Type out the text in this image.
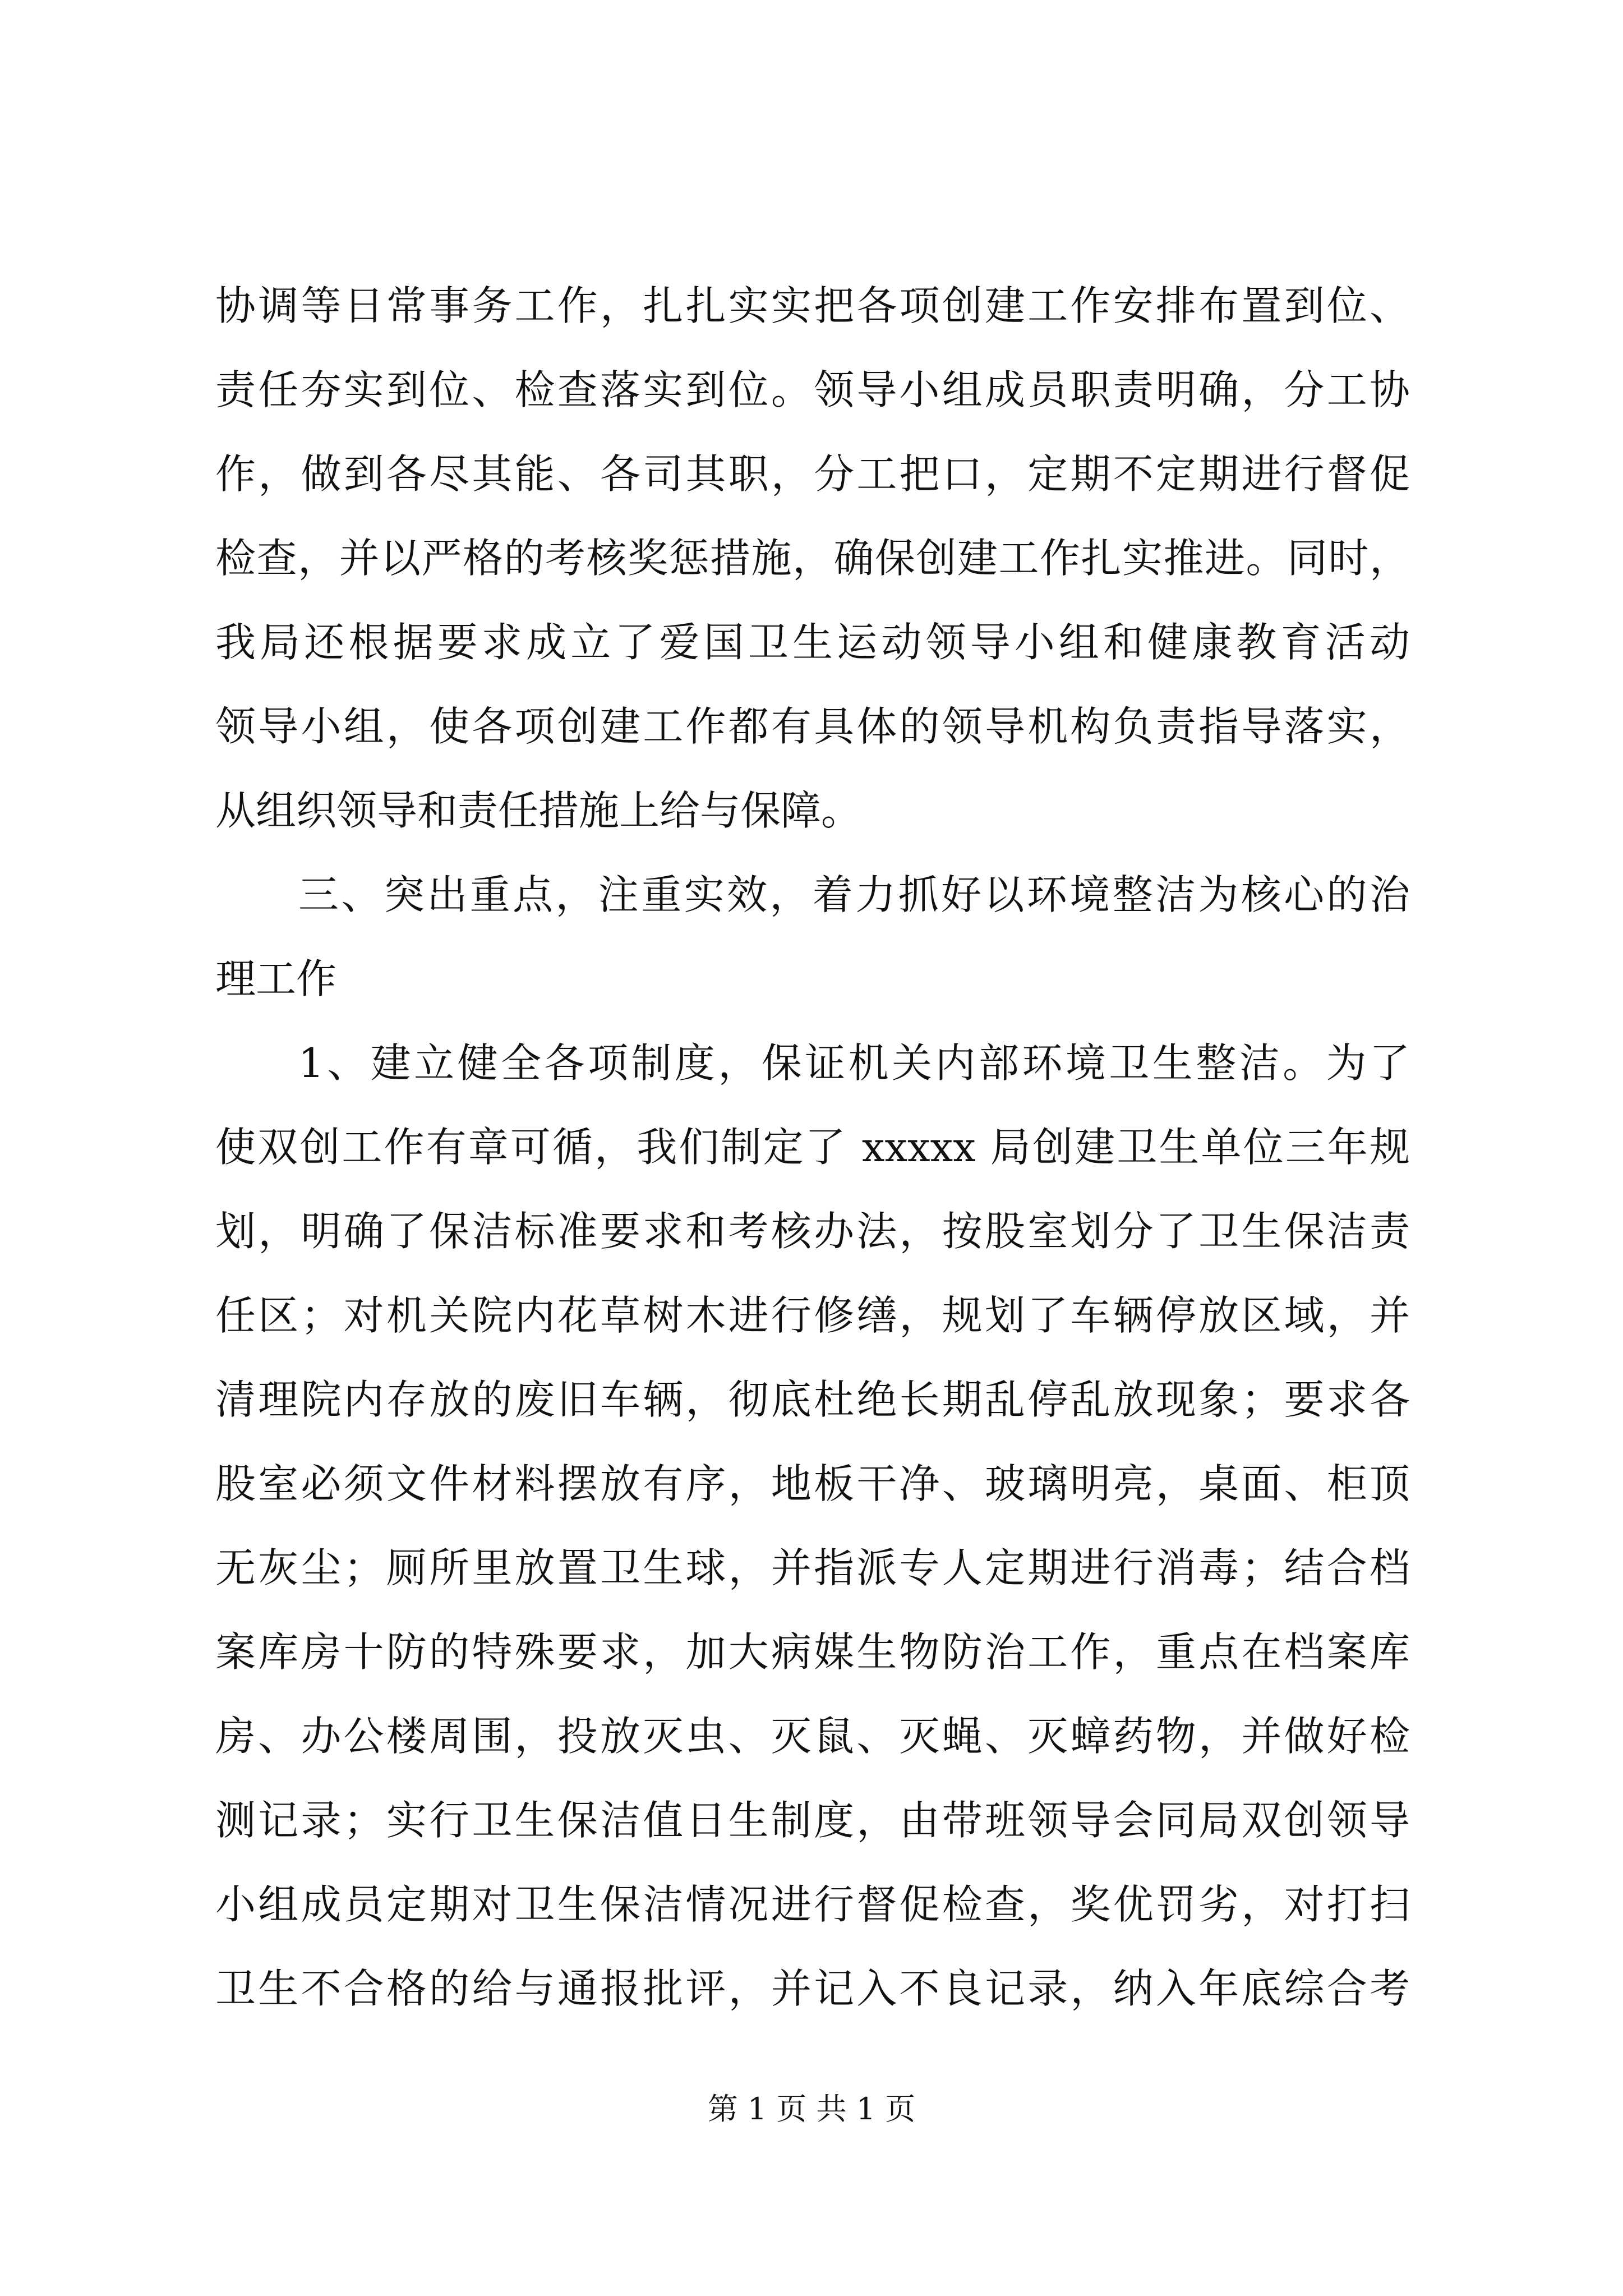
协调等日常事务工作，扎扎实实把各项创建工作安排布置到位、
责任夯实到位、检查落实到位。领导小组成员职责明确，分工协
作，做到各尽其能、各司其职，分工把口，定期不定期进行督促
检查，并以严格的考核奖惩措施，确保创建工作扎实推进。同时，
我局还根据要求成立了爱国卫生运动领导小组和健康教育活动
领导小组，使各项创建工作都有具体的领导机构负责指导落实，
从组织领导和责任措施上给与保障。
三、突出重点，注重实效，着力抓好以环境整洁为核心的治
理工作
1、建立健全各项制度，保证机关内部环境卫生整洁。为了
使双创工作有章可循，我们制定了 xxxxx 局创建卫生单位三年规
划，明确了保洁标准要求和考核办法，按股室划分了卫生保洁责
任区；对机关院内花草树木进行修缮，规划了车辆停放区域，并
清理院内存放的废旧车辆，彻底杜绝长期乱停乱放现象；要求各
股室必须文件材料摆放有序，地板干净、玻璃明亮，桌面、柜顶
无灰尘；厕所里放置卫生球，并指派专人定期进行消毒；结合档
案库房十防的特殊要求，加大病媒生物防治工作，重点在档案库
房、办公楼周围，投放灭虫、灭鼠、灭蝇、灭蟑药物，并做好检
测记录；实行卫生保洁值日生制度，由带班领导会同局双创领导
小组成员定期对卫生保洁情况进行督促检查，奖优罚劣，对打扫
卫生不合格的给与通报批评，并记入不良记录，纳入年底综合考
第 1 页 共 1 页
